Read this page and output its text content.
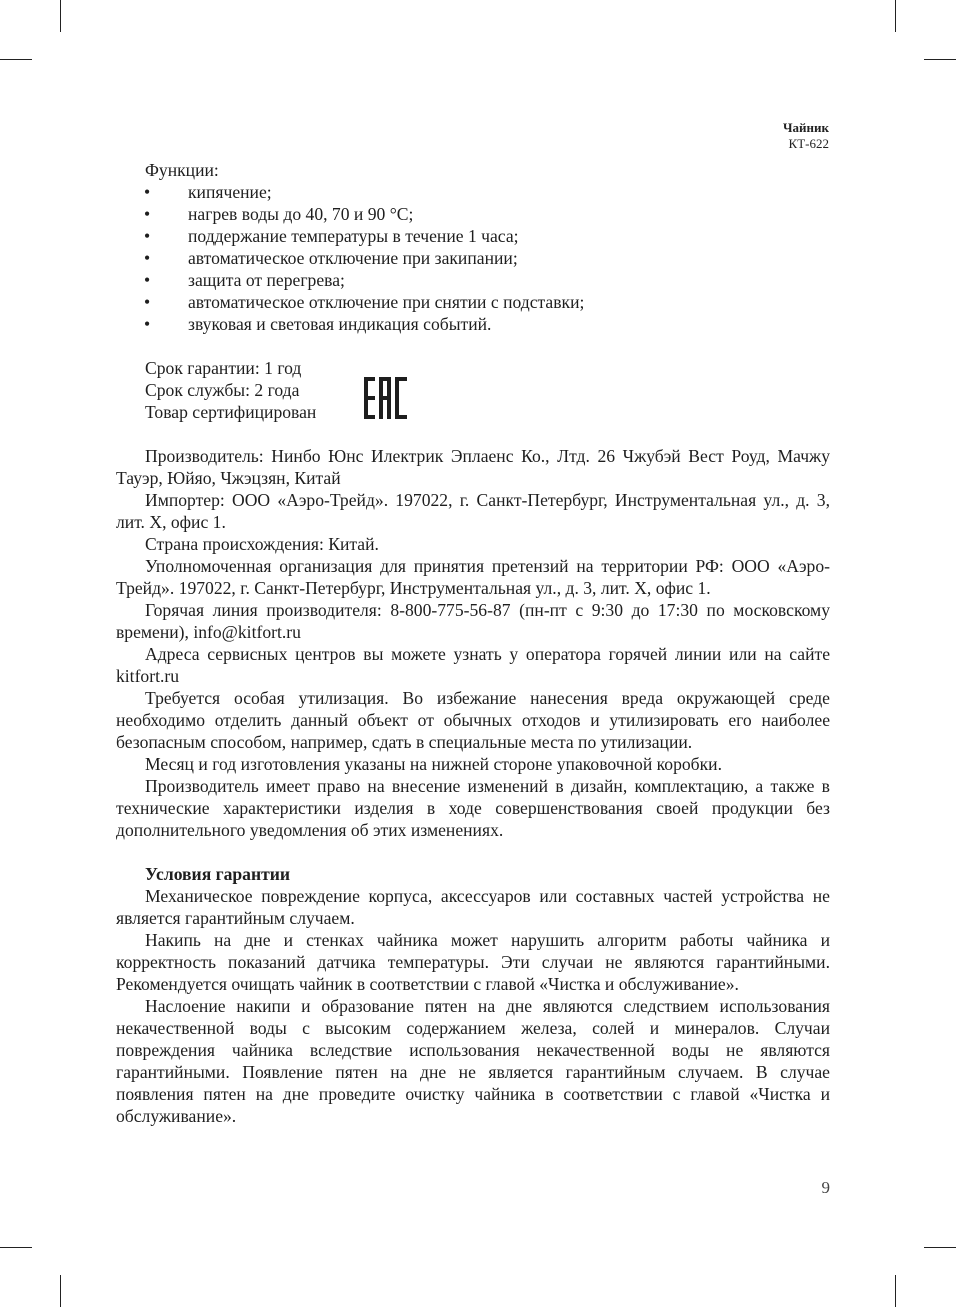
Чайник
КТ-622
Функции:
• кипячение;
• нагрев воды до 40, 70 и 90 °С;
• поддержание температуры в течение 1 часа;
• автоматическое отключение при закипании;
• защита от перегрева;
• автоматическое отключение при снятии с подставки;
• звуковая и световая индикация событий.
Срок гарантии: 1 год
Срок службы: 2 года
Товар сертифицирован

Производитель: Нинбо Юнс Илектрик Эплаенс Ко., Лтд. 26 Чжубэй Вест Роуд, Мачжу Тауэр, Юйяо, Чжэцзян, Китай

Импортер: ООО «Аэро-Трейд». 197022, г. Санкт-Петербург, Инструментальная ул., д. 3, лит. Х, офис 1.

Страна происхождения: Китай.

Уполномоченная организация для принятия претензий на территории РФ: ООО «Аэро-Трейд». 197022, г. Санкт-Петербург, Инструментальная ул., д. 3, лит. Х, офис 1.

Горячая линия производителя: 8-800-775-56-87 (пн-пт с 9:30 до 17:30 по московскому времени), info@kitfort.ru

Адреса сервисных центров вы можете узнать у оператора горячей линии или на сайте kitfort.ru

Требуется особая утилизация. Во избежание нанесения вреда окружающей среде необходимо отделить данный объект от обычных отходов и утилизировать его наиболее безопасным способом, например, сдать в специальные места по утилизации.

Месяц и год изготовления указаны на нижней стороне упаковочной коробки.

Производитель имеет право на внесение изменений в дизайн, комплектацию, а также в технические характеристики изделия в ходе совершенствования своей продукции без дополнительного уведомления об этих изменениях.

Условия гарантии

Механическое повреждение корпуса, аксессуаров или составных частей устройства не является гарантийным случаем.

Накипь на дне и стенках чайника может нарушить алгоритм работы чайника и корректность показаний датчика температуры. Эти случаи не являются гарантийными. Рекомендуется очищать чайник в соответствии с главой «Чистка и обслуживание».

Наслоение накипи и образование пятен на дне являются следствием использования некачественной воды с высоким содержанием железа, солей и минералов. Случаи повреждения чайника вследствие использования некачественной воды не являются гарантийными. Появление пятен на дне не является гарантийным случаем. В случае появления пятен на дне проведите очистку чайника в соответствии с главой «Чистка и обслуживание».

9
